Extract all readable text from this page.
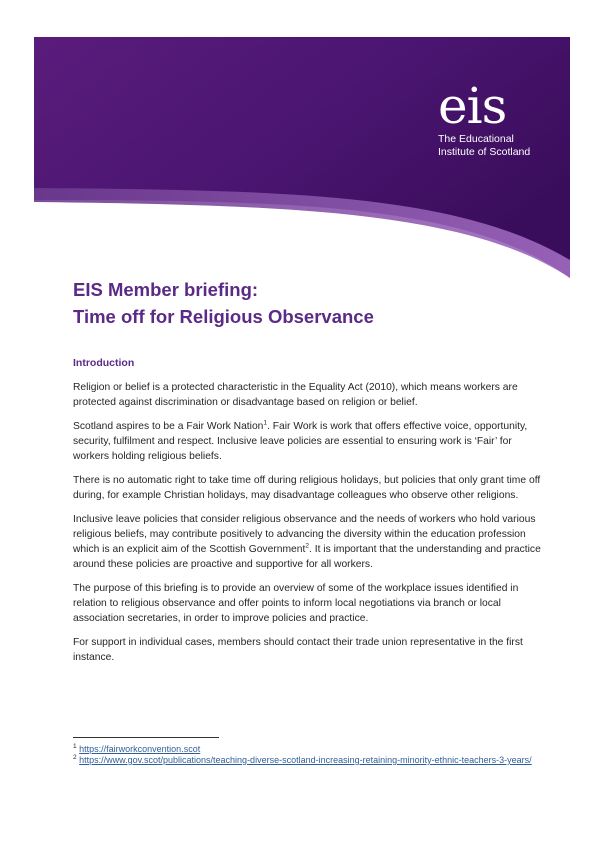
eis
The Educational
Institute of Scotland
EIS Member briefing:
Time off for Religious Observance

Introduction

Religion or belief is a protected characteristic in the Equality Act (2010), which means workers are protected against discrimination or disadvantage based on religion or belief.

Scotland aspires to be a Fair Work Nation$^1$. Fair Work is work that offers effective voice, opportunity, security, fulfilment and respect. Inclusive leave policies are essential to ensuring work is ‘Fair’ for workers holding religious beliefs.

There is no automatic right to take time off during religious holidays, but policies that only grant time off during, for example Christian holidays, may disadvantage colleagues who observe other religions.

Inclusive leave policies that consider religious observance and the needs of workers who hold various religious beliefs, may contribute positively to advancing the diversity within the education profession which is an explicit aim of the Scottish Government$^2$. It is important that the understanding and practice around these policies are proactive and supportive for all workers.

The purpose of this briefing is to provide an overview of some of the workplace issues identified in relation to religious observance and offer points to inform local negotiations via branch or local association secretaries, in order to improve policies and practice.

For support in individual cases, members should contact their trade union representative in the first instance.

$^1$ https://fairworkconvention.scot
$^2$ https://www.gov.scot/publications/teaching-diverse-scotland-increasing-retaining-minority-ethnic-teachers-3-years/
